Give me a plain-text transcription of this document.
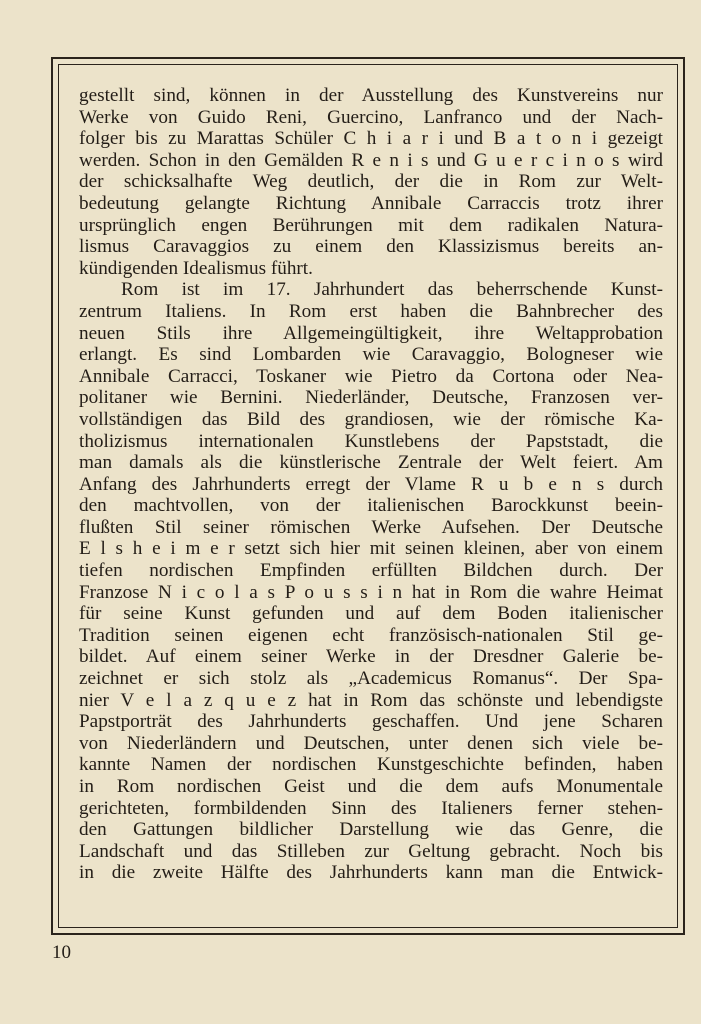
gestellt sind, können in der Ausstellung des Kunstvereins nur
Werke von Guido Reni, Guercino, Lanfranco und der Nach-
folger bis zu Marattas Schüler C h i a r i und B a t o n i gezeigt
werden. Schon in den Gemälden R e n i s und G u e r c i n o s wird
der schicksalhafte Weg deutlich, der die in Rom zur Welt-
bedeutung gelangte Richtung Annibale Carraccis trotz ihrer
ursprünglich engen Berührungen mit dem radikalen Natura-
lismus Caravaggios zu einem den Klassizismus bereits an-
kündigenden Idealismus führt.
Rom ist im 17. Jahrhundert das beherrschende Kunst-
zentrum Italiens. In Rom erst haben die Bahnbrecher des
neuen Stils ihre Allgemeingültigkeit, ihre Weltapprobation
erlangt. Es sind Lombarden wie Caravaggio, Bologneser wie
Annibale Carracci, Toskaner wie Pietro da Cortona oder Nea-
politaner wie Bernini. Niederländer, Deutsche, Franzosen ver-
vollständigen das Bild des grandiosen, wie der römische Ka-
tholizismus internationalen Kunstlebens der Papststadt, die
man damals als die künstlerische Zentrale der Welt feiert. Am
Anfang des Jahrhunderts erregt der Vlame R u b e n s durch
den machtvollen, von der italienischen Barockkunst beein-
flußten Stil seiner römischen Werke Aufsehen. Der Deutsche
E l s h e i m e r setzt sich hier mit seinen kleinen, aber von einem
tiefen nordischen Empfinden erfüllten Bildchen durch. Der
Franzose N i c o l a s P o u s s i n hat in Rom die wahre Heimat
für seine Kunst gefunden und auf dem Boden italienischer
Tradition seinen eigenen echt französisch-nationalen Stil ge-
bildet. Auf einem seiner Werke in der Dresdner Galerie be-
zeichnet er sich stolz als „Academicus Romanus“. Der Spa-
nier V e l a z q u e z hat in Rom das schönste und lebendigste
Papstporträt des Jahrhunderts geschaffen. Und jene Scharen
von Niederländern und Deutschen, unter denen sich viele be-
kannte Namen der nordischen Kunstgeschichte befinden, haben
in Rom nordischen Geist und die dem aufs Monumentale
gerichteten, formbildenden Sinn des Italieners ferner stehen-
den Gattungen bildlicher Darstellung wie das Genre, die
Landschaft und das Stilleben zur Geltung gebracht. Noch bis
in die zweite Hälfte des Jahrhunderts kann man die Entwick-
10
